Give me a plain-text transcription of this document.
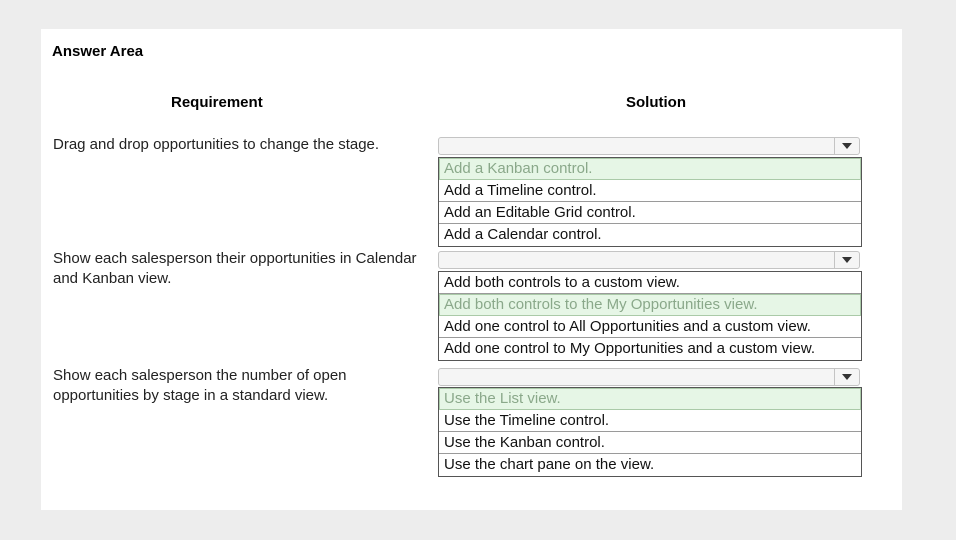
Answer Area
Requirement	Solution
Drag and drop opportunities to change the stage.
Add a Kanban control.
Add a Timeline control.
Add an Editable Grid control.
Add a Calendar control.
Show each salesperson their opportunities in Calendar and Kanban view.	Add both controls to a custom view.
Add both controls to the My Opportunities view.
Add one control to All Opportunities and a custom view.
Add one control to My Opportunities and a custom view.
Show each salesperson the number of open opportunities by stage in a standard view.	Use the List view.
Use the Timeline control.
Use the Kanban control.
Use the chart pane on the view.
